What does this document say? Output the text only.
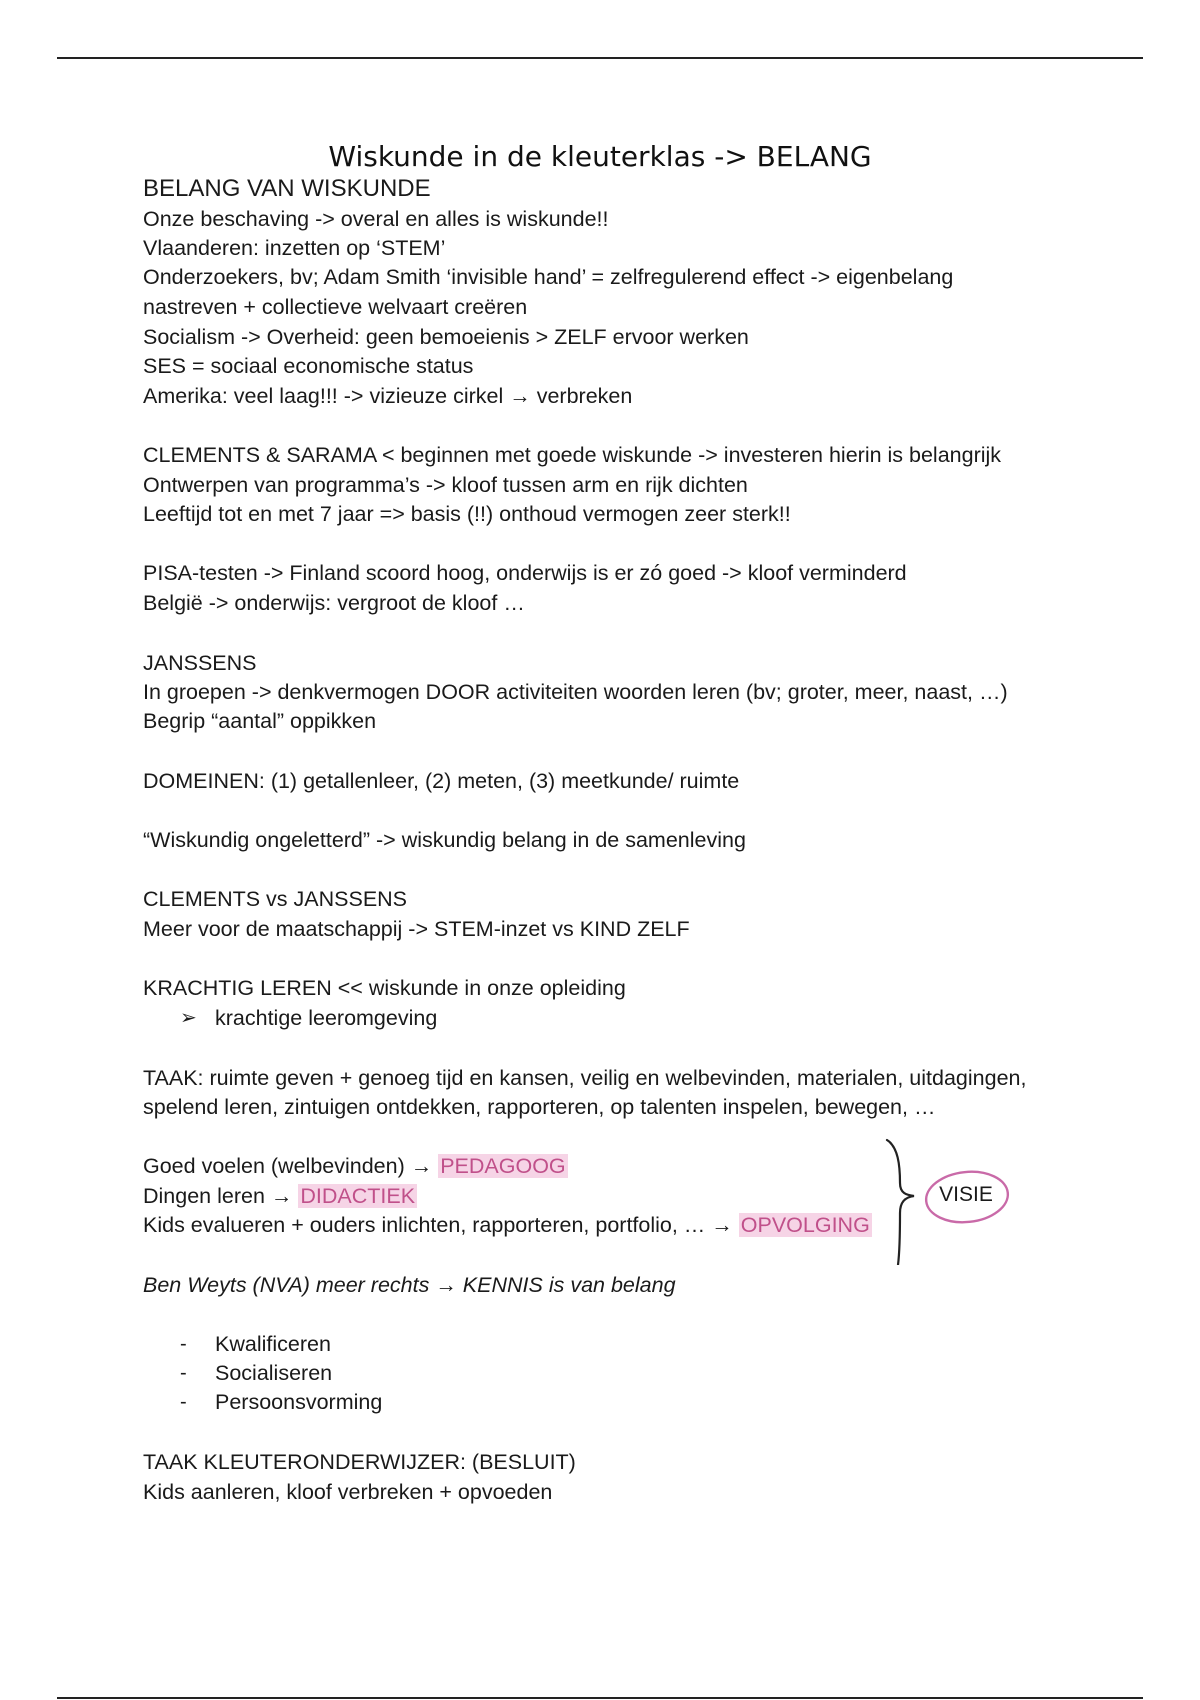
Wiskunde in de kleuterklas -> BELANG
BELANG VAN WISKUNDE
Onze beschaving -> overal en alles is wiskunde!!
Vlaanderen: inzetten op ‘STEM’
Onderzoekers, bv; Adam Smith ‘invisible hand’ = zelfregulerend effect -> eigenbelang
nastreven + collectieve welvaart creëren
Socialism -> Overheid: geen bemoeienis > ZELF ervoor werken
SES = sociaal economische status
Amerika: veel laag!!! -> vizieuze cirkel → verbreken
CLEMENTS & SARAMA < beginnen met goede wiskunde -> investeren hierin is belangrijk
Ontwerpen van programma’s -> kloof tussen arm en rijk dichten
Leeftijd tot en met 7 jaar => basis (!!) onthoud vermogen zeer sterk!!
PISA-testen -> Finland scoord hoog, onderwijs is er zó goed -> kloof verminderd
België -> onderwijs: vergroot de kloof …
JANSSENS
In groepen -> denkvermogen DOOR activiteiten woorden leren (bv; groter, meer, naast, …)
Begrip “aantal” oppikken
DOMEINEN: (1) getallenleer, (2) meten, (3) meetkunde/ ruimte
“Wiskundig ongeletterd” -> wiskundig belang in de samenleving
CLEMENTS vs JANSSENS
Meer voor de maatschappij -> STEM-inzet vs KIND ZELF
KRACHTIG LEREN << wiskunde in onze opleiding
➢ krachtige leeromgeving
TAAK: ruimte geven + genoeg tijd en kansen, veilig en welbevinden, materialen, uitdagingen,
spelend leren, zintuigen ontdekken, rapporteren, op talenten inspelen, bewegen, …
Goed voelen (welbevinden) → PEDAGOOG
Dingen leren → DIDACTIEK
Kids evalueren + ouders inlichten, rapporteren, portfolio, … → OPVOLGING
VISIE
Ben Weyts (NVA) meer rechts → KENNIS is van belang
- Kwalificeren
- Socialiseren
- Persoonsvorming
TAAK KLEUTERONDERWIJZER: (BESLUIT)
Kids aanleren, kloof verbreken + opvoeden
